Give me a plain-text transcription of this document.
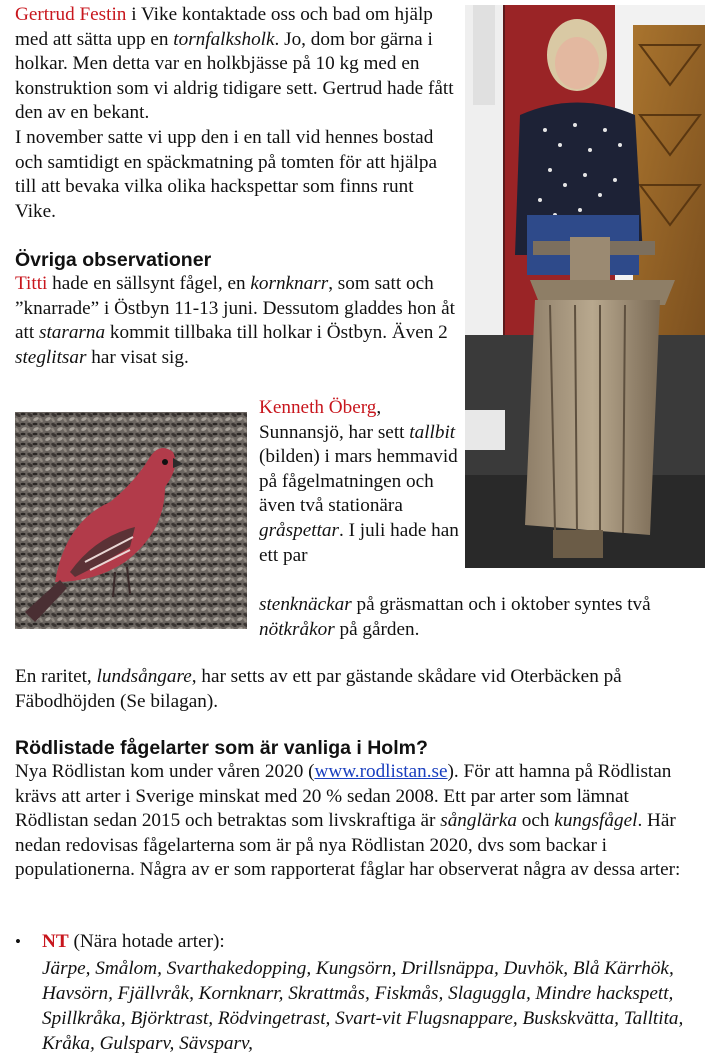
Gertrud Festin i Vike kontaktade oss och bad om hjälp med att sätta upp en tornfalksholk. Jo, dom bor gärna i holkar. Men detta var en holkbjässe på 10 kg med en konstruktion som vi aldrig tidigare sett. Gertrud hade fått den av en bekant.

I november satte vi upp den i en tall vid hennes bostad och samtidigt en späckmatning på tomten för att hjälpa till att bevaka vilka olika hackspettar som finns runt Vike.

Övriga observationer

Titti hade en sällsynt fågel, en kornknarr, som satt och ”knarrade” i Östbyn 11-13 juni. Dessutom gladdes hon åt att stararna kommit tillbaka till holkar i Östbyn. Även 2 steglitsar har visat sig.

Kenneth Öberg, Sunnansjö, har sett tallbit (bilden) i mars hemmavid på fågelmatningen och även två stationära gråspettar. I juli hade han ett par

stenknäckar på gräsmattan och i oktober syntes två nötkråkor på gården.

En raritet, lundsångare, har setts av ett par gästande skådare vid Oterbäcken på Fäbodhöjden (Se bilagan).

Rödlistade fågelarter som är vanliga i Holm?

Nya Rödlistan kom under våren 2020 (www.rodlistan.se). För att hamna på Rödlistan krävs att arter i Sverige minskat med 20 % sedan 2008. Ett par arter som lämnat Rödlistan sedan 2015 och betraktas som livskraftiga är sånglärka och kungsfågel. Här nedan redovisas fågelarterna som är på nya Rödlistan 2020, dvs som backar i populationerna. Några av er som rapporterat fåglar har observerat några av dessa arter:

•	NT (Nära hotade arter):

Järpe, Smålom, Svarthakedopping, Kungsörn, Drillsnäppa, Duvhök, Blå Kärrhök, Havsörn, Fjällvråk, Kornknarr, Skrattmås, Fiskmås, Slaguggla, Mindre hackspett, Spillkråka, Björktrast, Rödvingetrast, Svart-vit Flugsnappare, Buskskvätta, Talltita, Kråka, Gulsparv, Sävsparv,
